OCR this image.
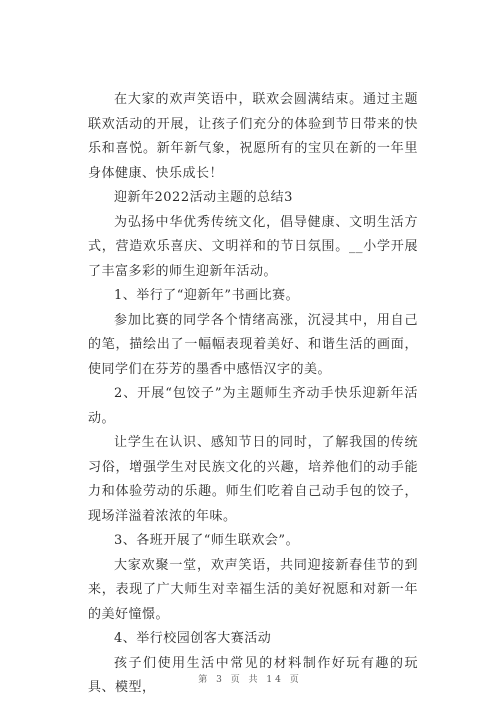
在大家的欢声笑语中，联欢会圆满结束。通过主题联欢活动的开展，让孩子们充分的体验到节日带来的快乐和喜悦。新年新气象，祝愿所有的宝贝在新的一年里身体健康、快乐成长！

迎新年2022活动主题的总结3

为弘扬中华优秀传统文化，倡导健康、文明生活方式，营造欢乐喜庆、文明祥和的节日氛围。__小学开展了丰富多彩的师生迎新年活动。

1、举行了“迎新年”书画比赛。

参加比赛的同学各个情绪高涨，沉浸其中，用自己的笔，描绘出了一幅幅表现着美好、和谐生活的画面，使同学们在芬芳的墨香中感悟汉字的美。

2、开展“包饺子”为主题师生齐动手快乐迎新年活动。

让学生在认识、感知节日的同时，了解我国的传统习俗，增强学生对民族文化的兴趣，培养他们的动手能力和体验劳动的乐趣。师生们吃着自己动手包的饺子，现场洋溢着浓浓的年味。

3、各班开展了“师生联欢会”。

大家欢聚一堂，欢声笑语，共同迎接新春佳节的到来，表现了广大师生对幸福生活的美好祝愿和对新一年的美好憧憬。

4、举行校园创客大赛活动

孩子们使用生活中常见的材料制作好玩有趣的玩具、模型，	第 3 页 共 14 页
